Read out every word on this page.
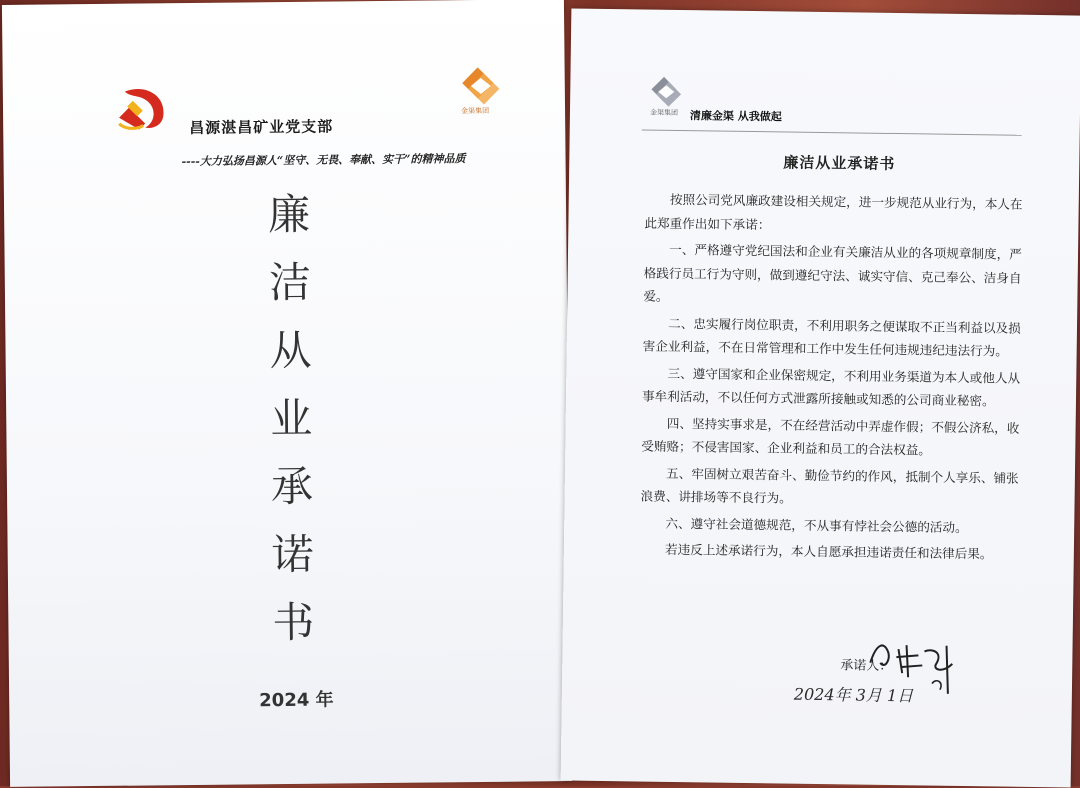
昌源湛昌矿业党支部
金渠集团
----大力弘扬昌源人“坚守、无畏、奉献、实干”的精神品质
廉
洁
从
业
承
诺
书
2024 年
金渠集团 清廉金渠 从我做起
廉洁从业承诺书

按照公司党风廉政建设相关规定，进一步规范从业行为，本人在此郑重作出如下承诺：

一、严格遵守党纪国法和企业有关廉洁从业的各项规章制度，严格践行员工行为守则，做到遵纪守法、诚实守信、克己奉公、洁身自爱。

二、忠实履行岗位职责，不利用职务之便谋取不正当利益以及损害企业利益，不在日常管理和工作中发生任何违规违纪违法行为。

三、遵守国家和企业保密规定，不利用业务渠道为本人或他人从事牟利活动，不以任何方式泄露所接触或知悉的公司商业秘密。

四、坚持实事求是，不在经营活动中弄虚作假；不假公济私，收受贿赂；不侵害国家、企业利益和员工的合法权益。

五、牢固树立艰苦奋斗、勤俭节约的作风，抵制个人享乐、铺张浪费、讲排场等不良行为。

六、遵守社会道德规范，不从事有悖社会公德的活动。

若违反上述承诺行为，本人自愿承担违诺责任和法律后果。

承诺人：
2024年 3月 1日
